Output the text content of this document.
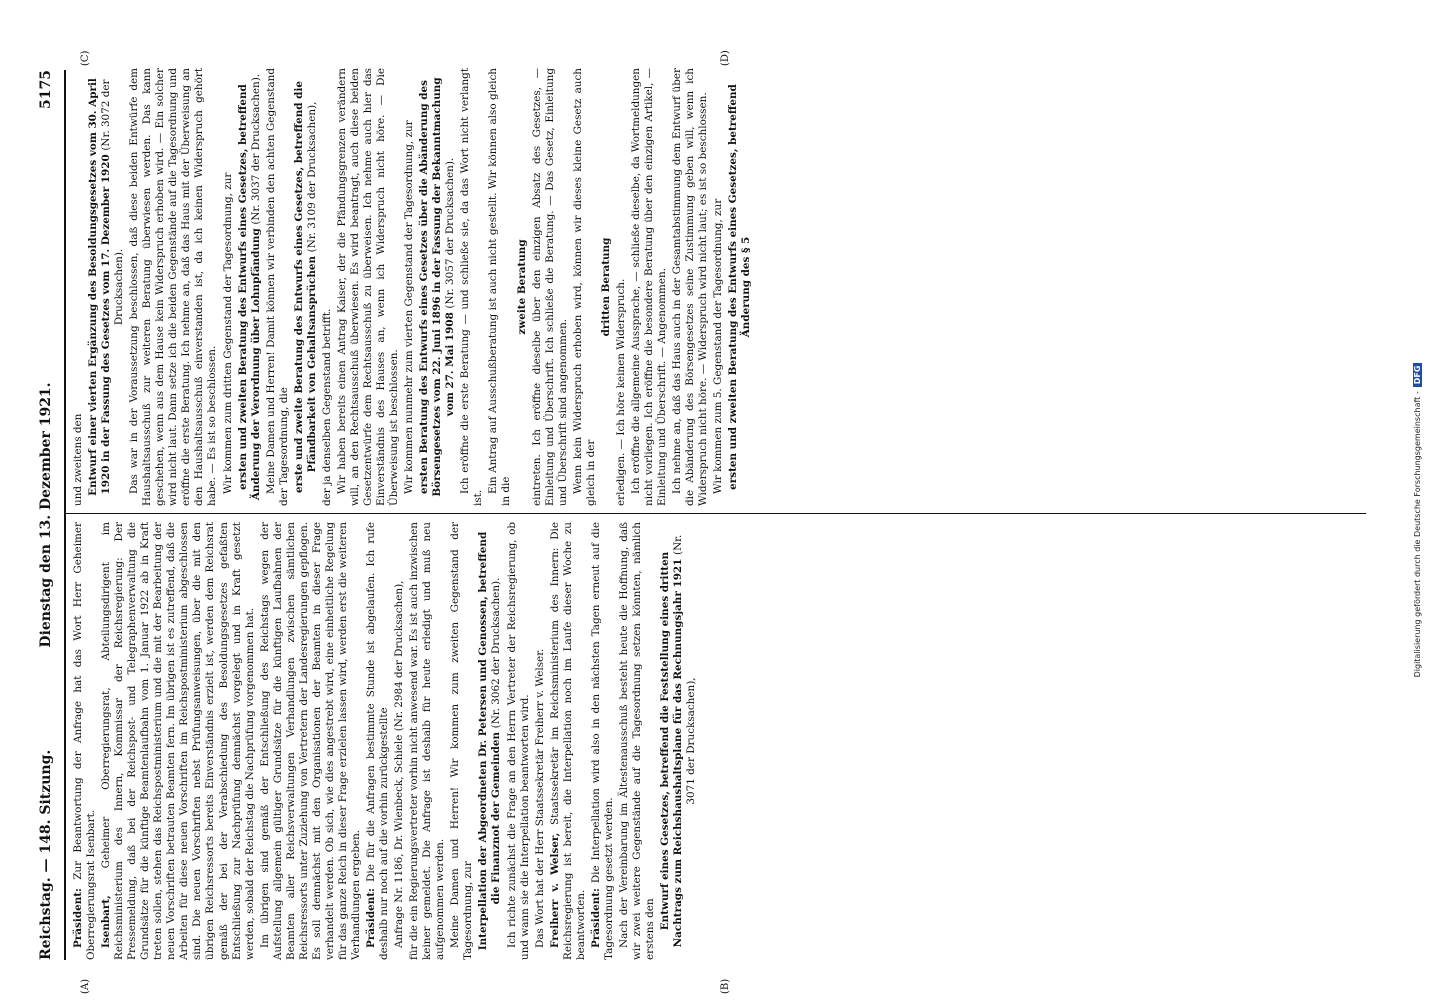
Reichstag. — 148. Sitzung.
Dienstag den 13. Dezember 1921.
5175
(A)	(B)
(C)	(D)

Präsident: Zur Beantwortung der Anfrage hat das Wort Herr Geheimer Oberregierungsrat Isenbart. Isenbart, Geheimer Oberregierungsrat, Abteilungsdirigent im Reichsministerium des Innern, Kommissar der Reichsregierung: Der Pressemeldung, daß bei der Reichspost- und Telegraphenverwaltung die Grundsätze für die künftige Beamtenlaufbahn vom 1. Januar 1922 ab in Kraft treten sollen, stehen das Reichspostministerium und die mit der Bearbeitung der neuen Vorschriften betrauten Beamten fern. Im übrigen ist es zutreffend, daß die Arbeiten für diese neuen Vorschriften im Reichspostministerium abgeschlossen sind. Die neuen Vorschriften nebst Prüfungsanweisungen, über die mit den übrigen Reichsressorts bereits Einverständnis erzielt ist, werden dem Reichsrat gemäß der bei der Verabschiedung des Besoldungsgesetzes gefaßten Entschließung zur Nachprüfung demnächst vorgelegt und in Kraft gesetzt werden, sobald der Reichstag die Nachprüfung vorgenommen hat. Im übrigen sind gemäß der Entschließung des Reichstags wegen der Aufstellung allgemein gültiger Grundsätze für die künftigen Laufbahnen der Beamten aller Reichsverwaltungen Verhandlungen zwischen sämtlichen Reichsressorts unter Zuziehung von Vertretern der Landesregierungen gepflogen. Es soll demnächst mit den Organisationen der Beamten in dieser Frage verhandelt werden. Ob sich, wie dies angestrebt wird, eine einheitliche Regelung für das ganze Reich in dieser Frage erzielen lassen wird, werden erst die weiteren Verhandlungen ergeben. Präsident: Die für die Anfragen bestimmte Stunde ist abgelaufen. Ich rufe deshalb nur noch auf die vorhin zurückgestellte Anfrage Nr. 1186, Dr. Wienbeck, Schiele (Nr. 2984 der Drucksachen), für die ein Regierungsvertreter vorhin nicht anwesend war. Es ist auch inzwischen keiner gemeldet. Die Anfrage ist deshalb für heute erledigt und muß neu aufgenommen werden. Meine Damen und Herren! Wir kommen zum zweiten Gegenstand der Tagesordnung, zur Interpellation der Abgeordneten Dr. Petersen und Genossen, betreffend die Finanznot der Gemeinden (Nr. 3062 der Drucksachen). Ich richte zunächst die Frage an den Herrn Vertreter der Reichsregierung, ob und wann sie die Interpellation beantworten wird. Das Wort hat der Herr Staatssekretär Freiherr v. Welser. Freiherr v. Welser, Staatssekretär im Reichsministerium des Innern: Die Reichsregierung ist bereit, die Interpellation noch im Laufe dieser Woche zu beantworten. Präsident: Die Interpellation wird also in den nächsten Tagen erneut auf die Tagesordnung gesetzt werden. Nach der Vereinbarung im Ältestenausschuß besteht heute die Hoffnung, daß wir zwei weitere Gegenstände auf die Tagesordnung setzen könnten, nämlich erstens den Entwurf eines Gesetzes, betreffend die Feststellung eines dritten Nachtrags zum Reichshaushaltsplane für das Rechnungsjahr 1921 (Nr. 3071 der Drucksachen),

und zweitens den Entwurf einer vierten Ergänzung des Besoldungsgesetzes vom 30. April 1920 in der Fassung des Gesetzes vom 17. Dezember 1920 (Nr. 3072 der Drucksachen). Das war in der Voraussetzung beschlossen, daß diese beiden Entwürfe dem Haushaltsausschuß zur weiteren Beratung überwiesen werden. Das kann geschehen, wenn aus dem Hause kein Widerspruch erhoben wird. — Ein solcher wird nicht laut. Dann setze ich die beiden Gegenstände auf die Tagesordnung und eröffne die erste Beratung. Ich nehme an, daß das Haus mit der Überweisung an den Haushaltsausschuß einverstanden ist, da ich keinen Widerspruch gehört habe. — Es ist so beschlossen. Wir kommen zum dritten Gegenstand der Tagesordnung, zur ersten und zweiten Beratung des Entwurfs eines Gesetzes, betreffend Änderung der Verordnung über Lohnpfändung (Nr. 3037 der Drucksachen). Meine Damen und Herren! Damit können wir verbinden den achten Gegenstand der Tagesordnung, die erste und zweite Beratung des Entwurfs eines Gesetzes, betreffend die Pfändbarkeit von Gehaltsansprüchen (Nr. 3109 der Drucksachen),

der ja denselben Gegenstand betrifft. Wir haben bereits einen Antrag Kaiser, der die Pfändungsgrenzen verändern will, an den Rechtsausschuß überwiesen. Es wird beantragt, auch diese beiden Gesetzentwürfe dem Rechtsausschuß zu überweisen. Ich nehme auch hier das Einverständnis des Hauses an, wenn ich Widerspruch nicht höre. — Die Überweisung ist beschlossen. Wir kommen nunmehr zum vierten Gegenstand der Tagesordnung, zur ersten Beratung des Entwurfs eines Gesetzes über die Abänderung des Börsengesetzes vom 22. Juni 1896 in der Fassung der Bekanntmachung vom 27. Mai 1908 (Nr. 3057 der Drucksachen). Ich eröffne die erste Beratung — und schließe sie, da das Wort nicht verlangt ist.

Ein Antrag auf Ausschußberatung ist auch nicht gestellt. Wir können also gleich in die

zweite Beratung eintreten. Ich eröffne dieselbe über den einzigen Absatz des Gesetzes, — Einleitung und Überschrift. Ich schließe die Beratung. — Das Gesetz, Einleitung und Überschrift sind angenommen. Wenn kein Widerspruch erhoben wird, können wir dieses kleine Gesetz auch gleich in der

dritten Beratung erledigen. — Ich höre keinen Widerspruch. Ich eröffne die allgemeine Aussprache, — schließe dieselbe, da Wortmeldungen nicht vorliegen. Ich eröffne die besondere Beratung über den einzigen Artikel, — Einleitung und Überschrift. — Angenommen. Ich nehme an, daß das Haus auch in der Gesamtabstimmung dem Entwurf über die Abänderung des Börsengesetzes seine Zustimmung geben will, wenn ich Widerspruch nicht höre. — Widerspruch wird nicht laut; es ist so beschlossen. Wir kommen zum 5. Gegenstand der Tagesordnung, zur ersten und zweiten Beratung des Entwurfs eines Gesetzes, betreffend Änderung des § 5

Digitalisierung gefördert durch die Deutsche Forschungsgemeinschaft -DFG
